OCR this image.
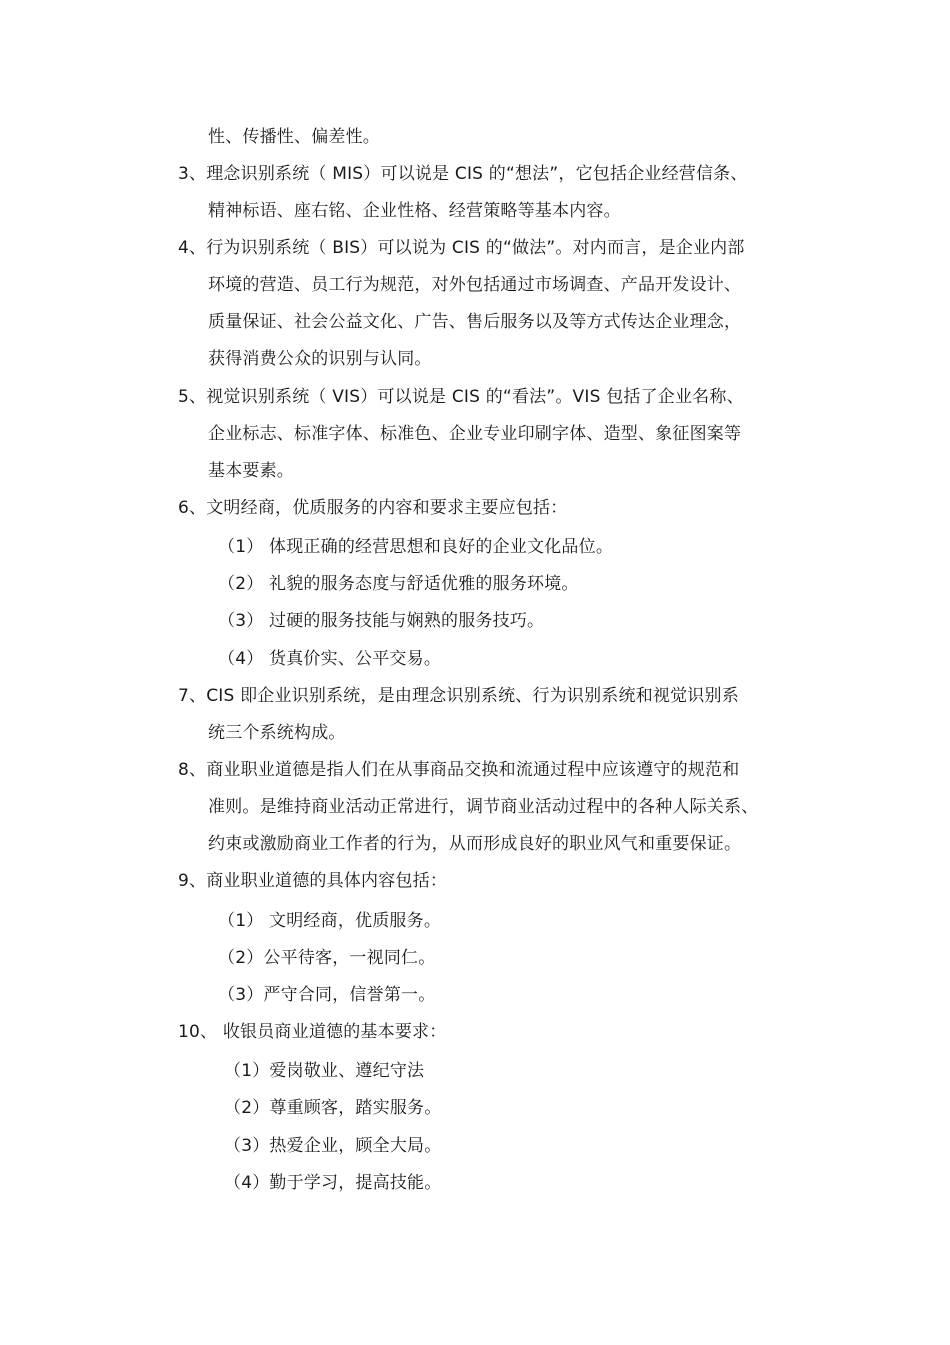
性、传播性、偏差性。
3、理念识别系统（ MIS）可以说是 CIS 的“想法”，它包括企业经营信条、
精神标语、座右铭、企业性格、经营策略等基本内容。
4、行为识别系统（ BIS）可以说为 CIS 的“做法”。对内而言，是企业内部
环境的营造、员工行为规范，对外包括通过市场调查、产品开发设计、
质量保证、社会公益文化、广告、售后服务以及等方式传达企业理念，
获得消费公众的识别与认同。
5、视觉识别系统（ VIS）可以说是 CIS 的“看法”。VIS 包括了企业名称、
企业标志、标准字体、标准色、企业专业印刷字体、造型、象征图案等
基本要素。
6、文明经商，优质服务的内容和要求主要应包括：
（1） 体现正确的经营思想和良好的企业文化品位。
（2） 礼貌的服务态度与舒适优雅的服务环境。
（3） 过硬的服务技能与娴熟的服务技巧。
（4） 货真价实、公平交易。
7、CIS 即企业识别系统，是由理念识别系统、行为识别系统和视觉识别系
统三个系统构成。
8、商业职业道德是指人们在从事商品交换和流通过程中应该遵守的规范和
准则。是维持商业活动正常进行，调节商业活动过程中的各种人际关系、
约束或激励商业工作者的行为，从而形成良好的职业风气和重要保证。
9、商业职业道德的具体内容包括：
（1） 文明经商，优质服务。
（2）公平待客，一视同仁。
（3）严守合同，信誉第一。
10、 收银员商业道德的基本要求：
（1）爱岗敬业、遵纪守法
（2）尊重顾客，踏实服务。
（3）热爱企业，顾全大局。
（4）勤于学习，提高技能。
